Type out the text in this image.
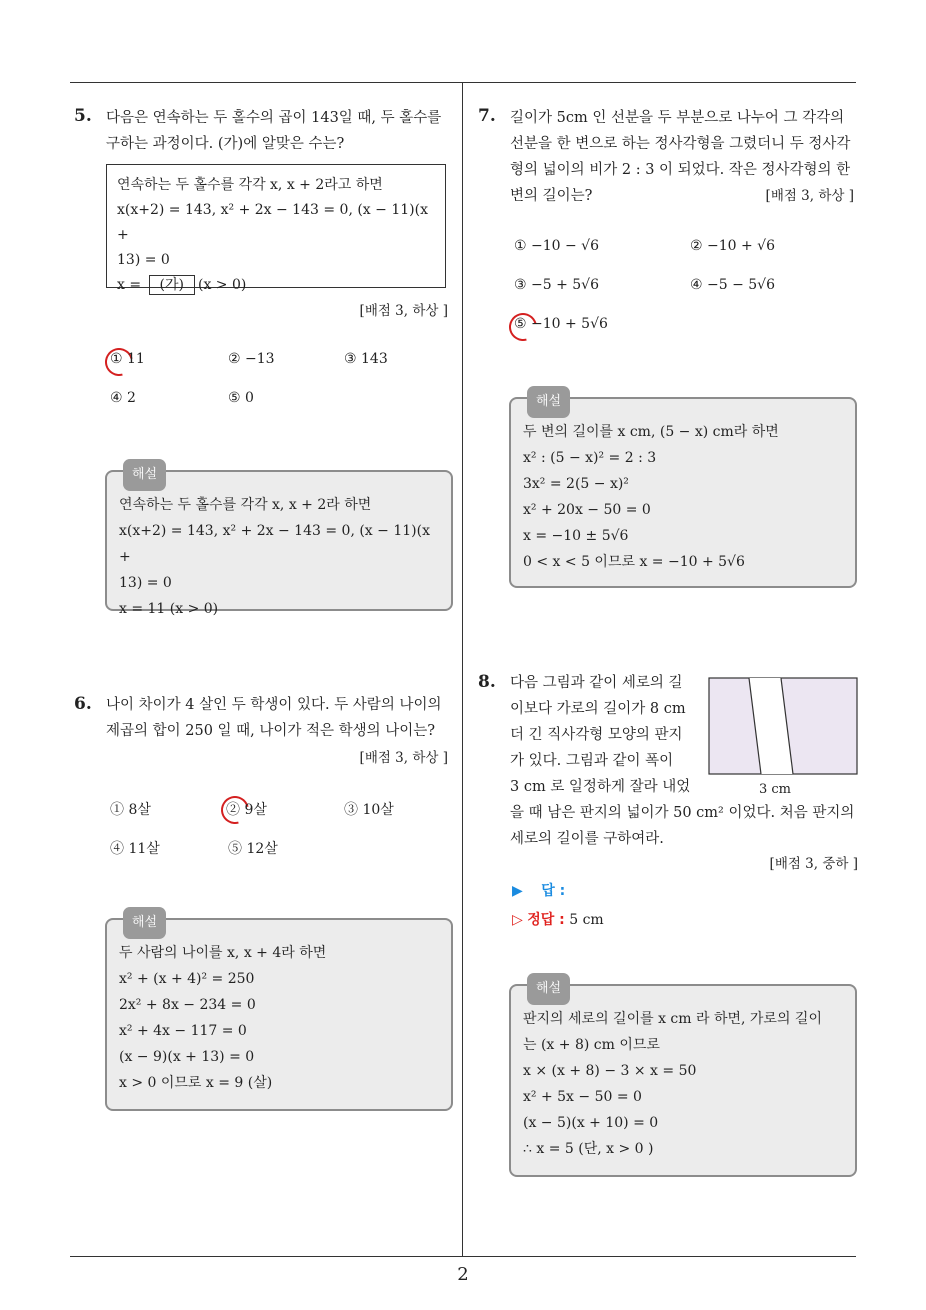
5. 다음은 연속하는 두 홀수의 곱이 143일 때, 두 홀수를 구하는 과정이다. (가)에 알맞은 수는?
연속하는 두 홀수를 각각 x, x + 2라고 하면
x(x+2) = 143, x² + 2x − 143 = 0, (x − 11)(x +
13) = 0
x = (가) (x > 0)
[배점 3, 하상 ]
① 11	② −13	③ 143
④ 2	⑤ 0
해설
연속하는 두 홀수를 각각 x, x + 2라 하면
x(x+2) = 143, x² + 2x − 143 = 0, (x − 11)(x +
13) = 0
x = 11 (x > 0)
6. 나이 차이가 4 살인 두 학생이 있다. 두 사람의 나이의 제곱의 합이 250 일 때, 나이가 적은 학생의 나이는?
[배점 3, 하상 ]
① 8살	② 9살	③ 10살
④ 11살	⑤ 12살
해설
두 사람의 나이를 x, x + 4라 하면
x² + (x + 4)² = 250
2x² + 8x − 234 = 0
x² + 4x − 117 = 0
(x − 9)(x + 13) = 0
x > 0 이므로 x = 9 (살)
7. 길이가 5cm 인 선분을 두 부분으로 나누어 그 각각의 선분을 한 변으로 하는 정사각형을 그렸더니 두 정사각형의 넓이의 비가 2 : 3 이 되었다. 작은 정사각형의 한 변의 길이는?	[배점 3, 하상 ]
① −10 − √6	② −10 + √6
③ −5 + 5√6	④ −5 − 5√6
⑤ −10 + 5√6
해설
두 변의 길이를 x cm, (5 − x) cm라 하면
x² : (5 − x)² = 2 : 3
3x² = 2(5 − x)²
x² + 20x − 50 = 0
x = −10 ± 5√6
0 < x < 5 이므로 x = −10 + 5√6
8. 다음 그림과 같이 세로의 길
이보다 가로의 길이가 8 cm
더 긴 직사각형 모양의 판지
가 있다. 그림과 같이 폭이
3 cm 로 일정하게 잘라 내었
을 때 남은 판지의 넓이가 50 cm² 이었다. 처음 판지의 세로의 길이를 구하여라.
3 cm
[배점 3, 중하 ]
▶ 답 :
▷ 정답 : 5 cm
해설
판지의 세로의 길이를 x cm 라 하면, 가로의 길이
는 (x + 8) cm 이므로
x × (x + 8) − 3 × x = 50
x² + 5x − 50 = 0
(x − 5)(x + 10) = 0
∴ x = 5 (단, x > 0 )
2
